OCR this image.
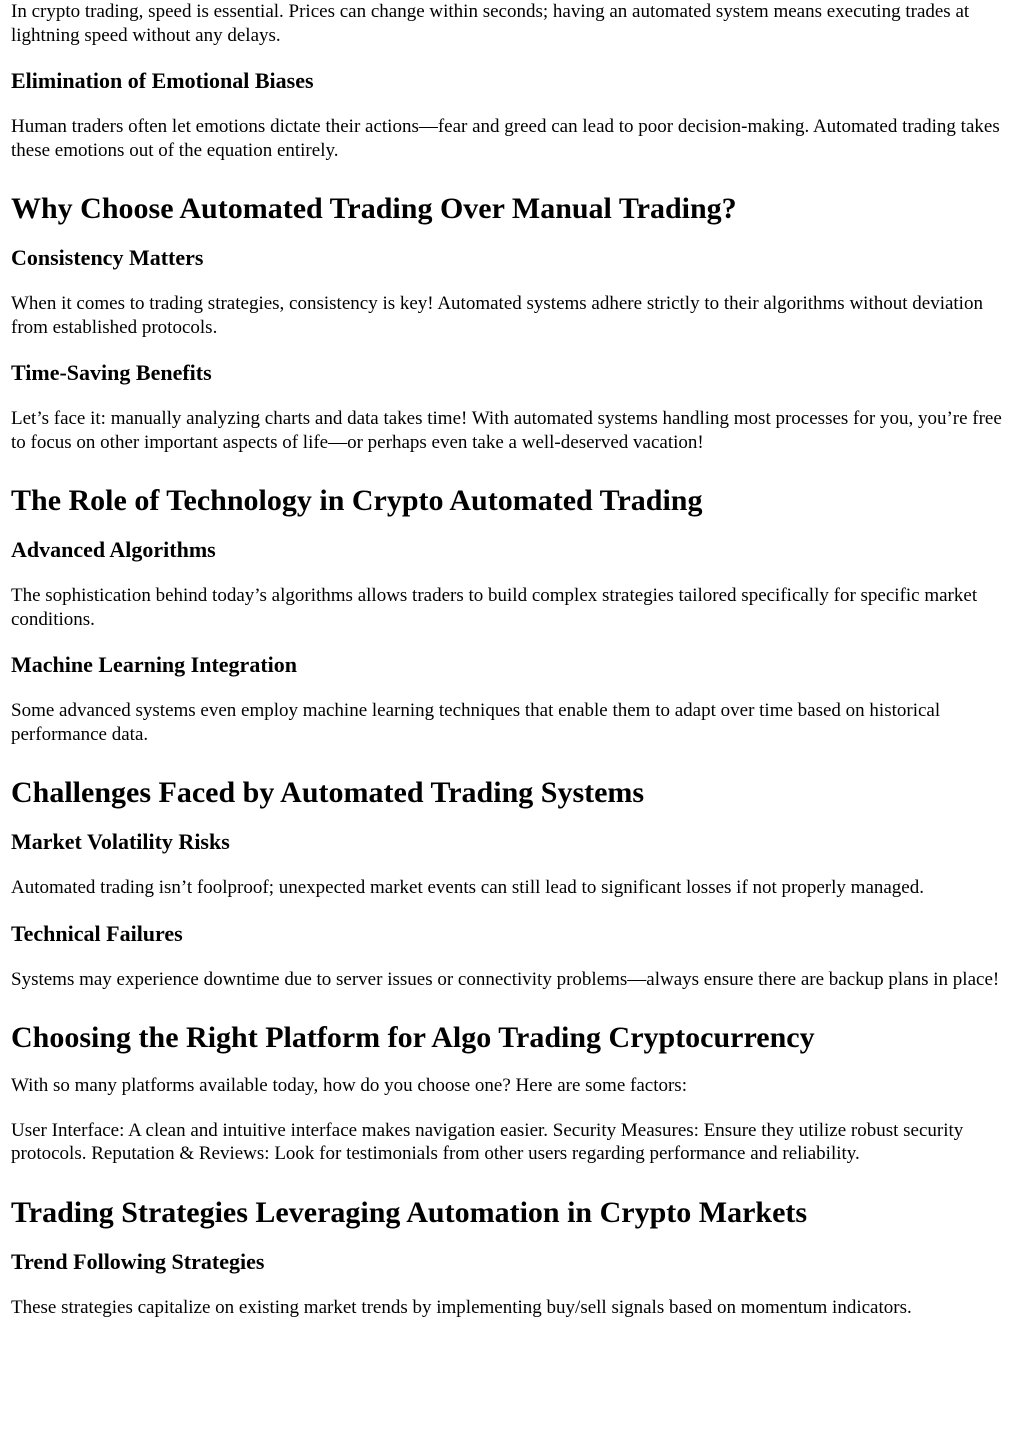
In crypto trading, speed is essential. Prices can change within seconds; having an automated system means executing trades at lightning speed without any delays.

Elimination of Emotional Biases

Human traders often let emotions dictate their actions—fear and greed can lead to poor decision-making. Automated trading takes these emotions out of the equation entirely.

Why Choose Automated Trading Over Manual Trading?
Consistency Matters

When it comes to trading strategies, consistency is key! Automated systems adhere strictly to their algorithms without deviation from established protocols.

Time-Saving Benefits

Let’s face it: manually analyzing charts and data takes time! With automated systems handling most processes for you, you’re free to focus on other important aspects of life—or perhaps even take a well-deserved vacation!

The Role of Technology in Crypto Automated Trading
Advanced Algorithms

The sophistication behind today’s algorithms allows traders to build complex strategies tailored specifically for specific market conditions.

Machine Learning Integration

Some advanced systems even employ machine learning techniques that enable them to adapt over time based on historical performance data.

Challenges Faced by Automated Trading Systems
Market Volatility Risks

Automated trading isn’t foolproof; unexpected market events can still lead to significant losses if not properly managed.

Technical Failures

Systems may experience downtime due to server issues or connectivity problems—always ensure there are backup plans in place!

Choosing the Right Platform for Algo Trading Cryptocurrency

With so many platforms available today, how do you choose one? Here are some factors:

User Interface: A clean and intuitive interface makes navigation easier. Security Measures: Ensure they utilize robust security protocols. Reputation & Reviews: Look for testimonials from other users regarding performance and reliability.

Trading Strategies Leveraging Automation in Crypto Markets
Trend Following Strategies

These strategies capitalize on existing market trends by implementing buy/sell signals based on momentum indicators.
